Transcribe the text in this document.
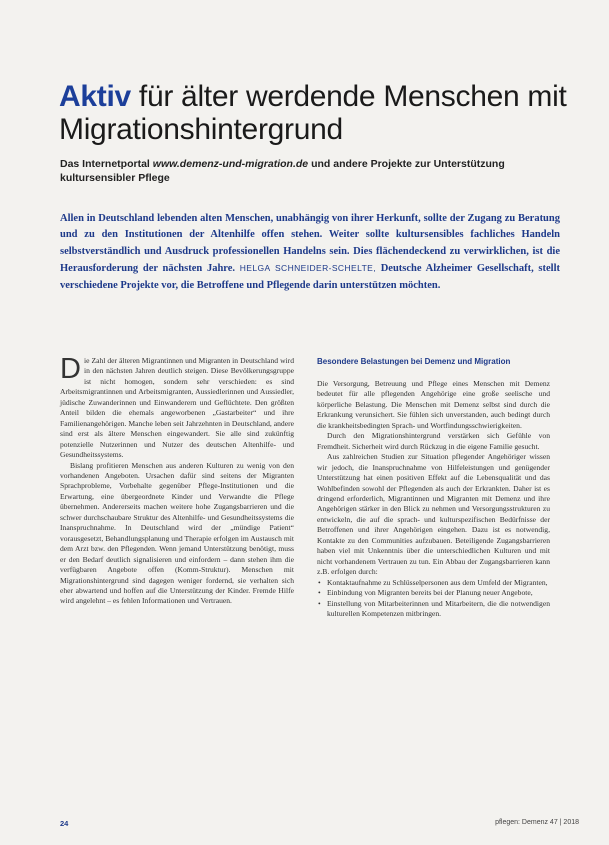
Aktiv für älter werdende Menschen mit Migrationshintergrund

Das Internetportal www.demenz-und-migration.de und andere Projekte zur Unterstützung kultursensibler Pflege

Allen in Deutschland lebenden alten Menschen, unabhängig von ihrer Herkunft, sollte der Zugang zu Beratung und zu den Institutionen der Altenhilfe offen stehen. Weiter sollte kultursensibles fachliches Handeln selbstverständlich und Ausdruck professionellen Handelns sein. Dies flächendeckend zu verwirklichen, ist die Herausforderung der nächsten Jahre. HELGA SCHNEIDER-SCHELTE, Deutsche Alzheimer Gesellschaft, stellt verschiedene Projekte vor, die Betroffene und Pflegende darin unterstützen möchten.

Die Zahl der älteren Migrantinnen und Migranten in Deutschland wird in den nächsten Jahren deutlich steigen. Diese Bevölkerungsgruppe ist nicht homogen, sondern sehr verschieden: es sind Arbeitsmigrantinnen und Arbeitsmigranten, Aussiedlerinnen und Aussiedler, jüdische Zuwanderinnen und Einwanderern und Geflüchtete. Den größten Anteil bilden die ehemals angeworbenen „Gastarbeiter“ und ihre Familienangehörigen. Manche leben seit Jahrzehnten in Deutschland, andere sind erst als ältere Menschen eingewandert. Sie alle sind zukünftig potenzielle Nutzerinnen und Nutzer des deutschen Altenhilfe- und Gesundheitssystems.

Bislang profitieren Menschen aus anderen Kulturen zu wenig von den vorhandenen Angeboten. Ursachen dafür sind seitens der Migranten Sprachprobleme, Vorbehalte gegenüber Pflege-Institutionen und die Erwartung, eine übergeordnete Kinder und Verwandte die Pflege übernehmen. Andererseits machen weitere hohe Zugangsbarrieren und die schwer durchschaubare Struktur des Altenhilfe- und Gesundheitssystems die Inanspruchnahme. In Deutschland wird der „mündige Patient“ vorausgesetzt, Behandlungsplanung und Therapie erfolgen im Austausch mit dem Arzt bzw. den Pflegenden. Wenn jemand Unterstützung benötigt, muss er den Bedarf deutlich signalisieren und einfordern – dann stehen ihm die verfügbaren Angebote offen (Komm-Struktur). Menschen mit Migrationshintergrund sind dagegen weniger fordernd, sie verhalten sich eher abwartend und hoffen auf die Unterstützung der Kinder. Fremde Hilfe wird angelehnt – es fehlen Informationen und Vertrauen.

Besondere Belastungen bei Demenz und Migration

Die Versorgung, Betreuung und Pflege eines Menschen mit Demenz bedeutet für alle pflegenden Angehörige eine große seelische und körperliche Belastung. Die Menschen mit Demenz selbst sind durch die Erkrankung verunsichert. Sie fühlen sich unverstanden, auch bedingt durch die krankheitsbedingten Sprach- und Wortfindungsschwierigkeiten.

Durch den Migrationshintergrund verstärken sich Gefühle von Fremdheit. Sicherheit wird durch Rückzug in die eigene Familie gesucht.

Aus zahlreichen Studien zur Situation pflegender Angehöriger wissen wir jedoch, die Inanspruchnahme von Hilfeleistungen und genügender Unterstützung hat einen positiven Effekt auf die Lebensqualität und das Wohlbefinden sowohl der Pflegenden als auch der Erkrankten. Daher ist es dringend erforderlich, Migrantinnen und Migranten mit Demenz und ihre Angehörigen stärker in den Blick zu nehmen und Versorgungsstrukturen zu entwickeln, die auf die sprach- und kulturspezifischen Bedürfnisse der Betroffenen und ihrer Angehörigen eingehen. Dazu ist es notwendig, Kontakte zu den Communities aufzubauen. Beteiligende Zugangsbarrieren haben viel mit Unkenntnis über die unterschiedlichen Kulturen und mit nicht vorhandenem Vertrauen zu tun. Ein Abbau der Zugangsbarrieren kann z.B. erfolgen durch:

• Kontaktaufnahme zu Schlüsselpersonen aus dem Umfeld der Migranten,
• Einbindung von Migranten bereits bei der Planung neuer Angebote,
• Einstellung von Mitarbeiterinnen und Mitarbeitern, die die notwendigen kulturellen Kompetenzen mitbringen.
24	pflegen: Demenz 47 | 2018
